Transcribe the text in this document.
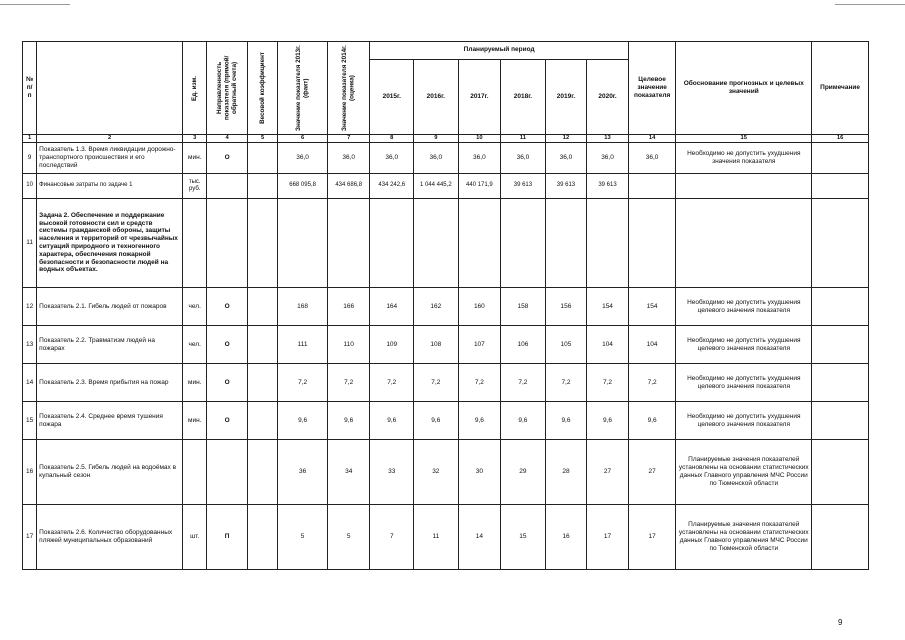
№ п/п		Ед. изм.	Направленность показателя (прямой/обратный счета)	Весовой коэффициент	Значение показателя 2013г. (факт)	Значение показателя 2014г. (оценка)	Планируемый период						Целевое значение показателя	Обоснование прогнозных и целевых значений	Примечание
							2015г.	2016г.	2017г.	2018г.	2019г.	2020г.			
1	2	3	4	5	6	7	8	9	10	11	12	13	14	15	16
9	Показатель 1.3. Время ликвидации дорожно-транспортного происшествия и его последствий	мин.	О		36,0	36,0	36,0	36,0	36,0	36,0	36,0	36,0	36,0	Необходимо не допустить ухудшения значения показателя	
10	Финансовые затраты по задаче 1	тыс. руб.			668 095,8	434 686,8	434 242,6	1 044 445,2	440 171,9	39 613	39 613	39 613			
11	Задача 2. Обеспечение и поддержание высокой готовности сил и средств системы гражданской обороны, защиты населения и территорий от чрезвычайных ситуаций природного и техногенного характера, обеспечения пожарной безопасности и безопасности людей на водных объектах.														
12	Показатель 2.1. Гибель людей от пожаров	чел.	О		168	166	164	162	160	158	156	154	154	Необходимо не допустить ухудшения целевого значения показателя	
13	Показатель 2.2. Травматизм людей на пожарах	чел.	О		111	110	109	108	107	106	105	104	104	Необходимо не допустить ухудшения целевого значения показателя	
14	Показатель 2.3. Время прибытия на пожар	мин.	О		7,2	7,2	7,2	7,2	7,2	7,2	7,2	7,2	7,2	Необходимо не допустить ухудшения целевого значения показателя	
15	Показатель 2.4. Среднее время тушения пожара	мин.	О		9,6	9,6	9,6	9,6	9,6	9,6	9,6	9,6	9,6	Необходимо не допустить ухудшения целевого значения показателя	
16	Показатель 2.5. Гибель людей на водоёмах в купальный сезон				36	34	33	32	30	29	28	27	27	Планируемые значения показателей установлены на основании статистических данных Главного управления МЧС России по Тюменской области	
17	Показатель 2.6. Количество оборудованных пляжей муниципальных образований	шт.	П		5	5	7	11	14	15	16	17	17	Планируемые значения показателей установлены на основании статистических данных Главного управления МЧС России по Тюменской области	
9
